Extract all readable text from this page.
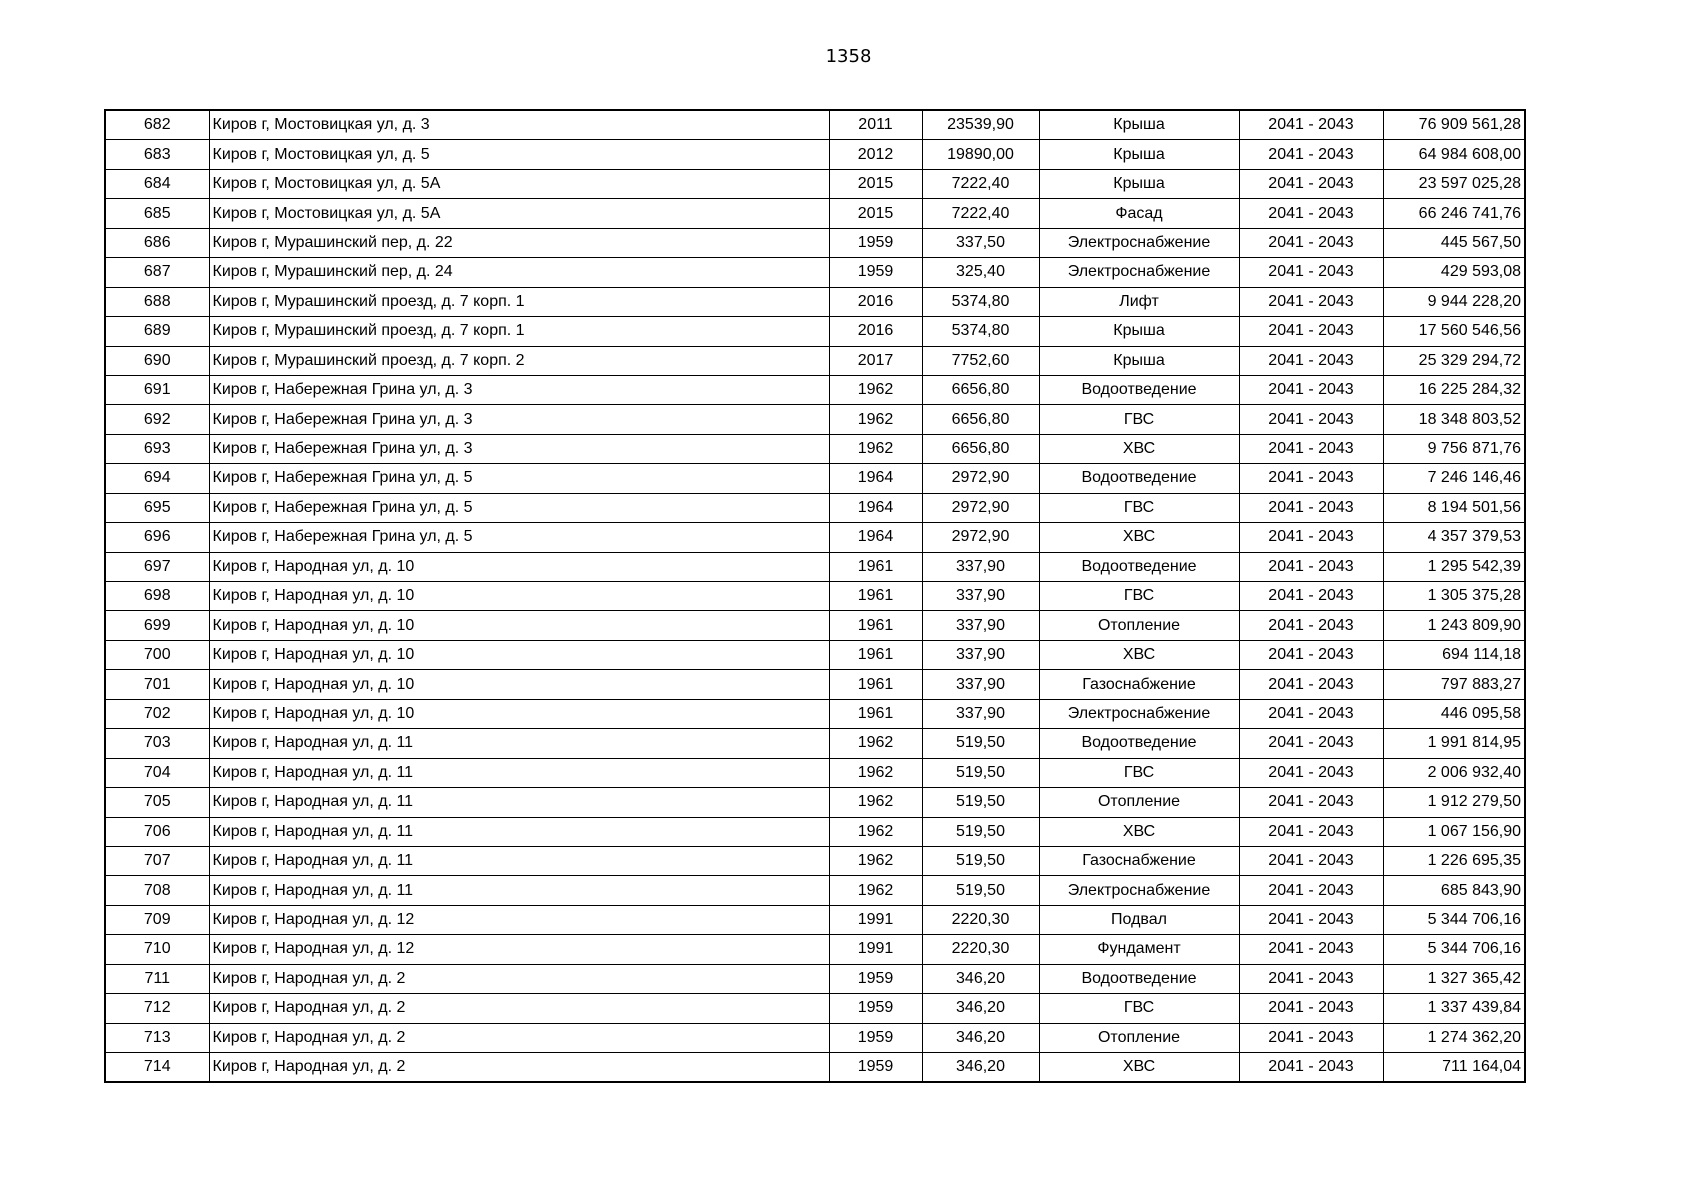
1358
682	Киров г, Мостовицкая ул, д. 3	2011	23539,90	Крыша	2041 - 2043	76 909 561,28
683	Киров г, Мостовицкая ул, д. 5	2012	19890,00	Крыша	2041 - 2043	64 984 608,00
684	Киров г, Мостовицкая ул, д. 5А	2015	7222,40	Крыша	2041 - 2043	23 597 025,28
685	Киров г, Мостовицкая ул, д. 5А	2015	7222,40	Фасад	2041 - 2043	66 246 741,76
686	Киров г, Мурашинский пер, д. 22	1959	337,50	Электроснабжение	2041 - 2043	445 567,50
687	Киров г, Мурашинский пер, д. 24	1959	325,40	Электроснабжение	2041 - 2043	429 593,08
688	Киров г, Мурашинский проезд, д. 7 корп. 1	2016	5374,80	Лифт	2041 - 2043	9 944 228,20
689	Киров г, Мурашинский проезд, д. 7 корп. 1	2016	5374,80	Крыша	2041 - 2043	17 560 546,56
690	Киров г, Мурашинский проезд, д. 7 корп. 2	2017	7752,60	Крыша	2041 - 2043	25 329 294,72
691	Киров г, Набережная Грина ул, д. 3	1962	6656,80	Водоотведение	2041 - 2043	16 225 284,32
692	Киров г, Набережная Грина ул, д. 3	1962	6656,80	ГВС	2041 - 2043	18 348 803,52
693	Киров г, Набережная Грина ул, д. 3	1962	6656,80	ХВС	2041 - 2043	9 756 871,76
694	Киров г, Набережная Грина ул, д. 5	1964	2972,90	Водоотведение	2041 - 2043	7 246 146,46
695	Киров г, Набережная Грина ул, д. 5	1964	2972,90	ГВС	2041 - 2043	8 194 501,56
696	Киров г, Набережная Грина ул, д. 5	1964	2972,90	ХВС	2041 - 2043	4 357 379,53
697	Киров г, Народная ул, д. 10	1961	337,90	Водоотведение	2041 - 2043	1 295 542,39
698	Киров г, Народная ул, д. 10	1961	337,90	ГВС	2041 - 2043	1 305 375,28
699	Киров г, Народная ул, д. 10	1961	337,90	Отопление	2041 - 2043	1 243 809,90
700	Киров г, Народная ул, д. 10	1961	337,90	ХВС	2041 - 2043	694 114,18
701	Киров г, Народная ул, д. 10	1961	337,90	Газоснабжение	2041 - 2043	797 883,27
702	Киров г, Народная ул, д. 10	1961	337,90	Электроснабжение	2041 - 2043	446 095,58
703	Киров г, Народная ул, д. 11	1962	519,50	Водоотведение	2041 - 2043	1 991 814,95
704	Киров г, Народная ул, д. 11	1962	519,50	ГВС	2041 - 2043	2 006 932,40
705	Киров г, Народная ул, д. 11	1962	519,50	Отопление	2041 - 2043	1 912 279,50
706	Киров г, Народная ул, д. 11	1962	519,50	ХВС	2041 - 2043	1 067 156,90
707	Киров г, Народная ул, д. 11	1962	519,50	Газоснабжение	2041 - 2043	1 226 695,35
708	Киров г, Народная ул, д. 11	1962	519,50	Электроснабжение	2041 - 2043	685 843,90
709	Киров г, Народная ул, д. 12	1991	2220,30	Подвал	2041 - 2043	5 344 706,16
710	Киров г, Народная ул, д. 12	1991	2220,30	Фундамент	2041 - 2043	5 344 706,16
711	Киров г, Народная ул, д. 2	1959	346,20	Водоотведение	2041 - 2043	1 327 365,42
712	Киров г, Народная ул, д. 2	1959	346,20	ГВС	2041 - 2043	1 337 439,84
713	Киров г, Народная ул, д. 2	1959	346,20	Отопление	2041 - 2043	1 274 362,20
714	Киров г, Народная ул, д. 2	1959	346,20	ХВС	2041 - 2043	711 164,04
